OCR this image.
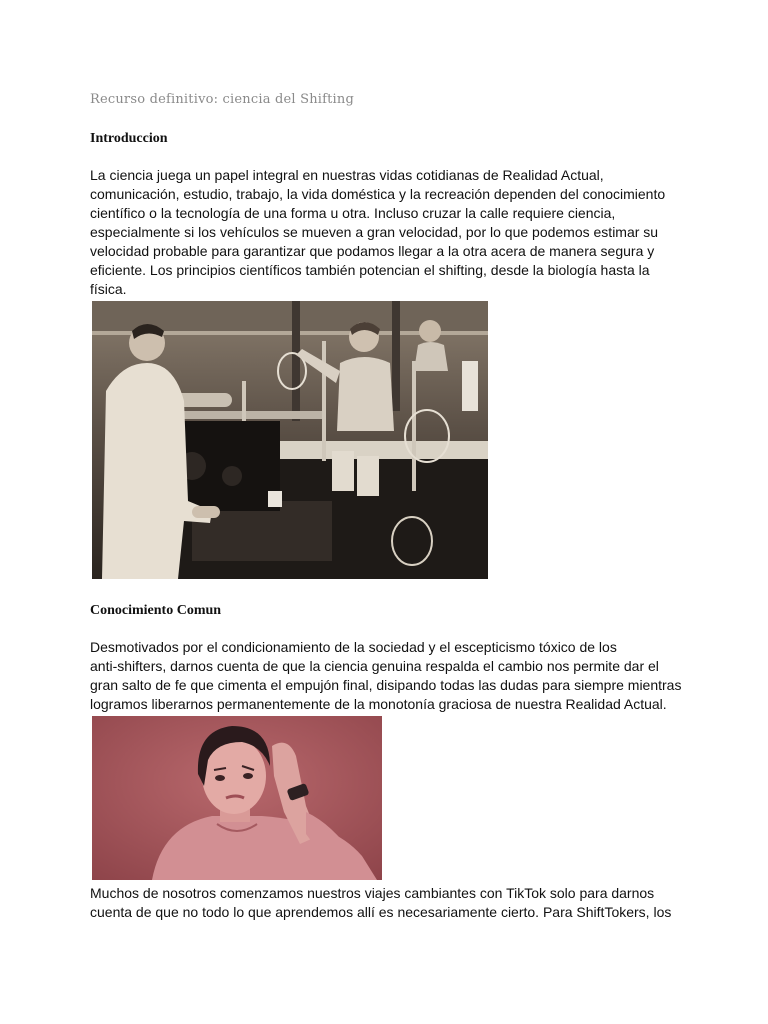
Recurso definitivo: ciencia del Shifting
Introduccion
La ciencia juega un papel integral en nuestras vidas cotidianas de Realidad Actual,
comunicación, estudio, trabajo, la vida doméstica y la recreación dependen del conocimiento
científico o la tecnología de una forma u otra. Incluso cruzar la calle requiere ciencia,
especialmente si los vehículos se mueven a gran velocidad, por lo que podemos estimar su
velocidad probable para garantizar que podamos llegar a la otra acera de manera segura y
eficiente. Los principios científicos también potencian el shifting, desde la biología hasta la
física.
Conocimiento Comun
Desmotivados por el condicionamiento de la sociedad y el escepticismo tóxico de los
anti-shifters, darnos cuenta de que la ciencia genuina respalda el cambio nos permite dar el
gran salto de fe que cimenta el empujón final, disipando todas las dudas para siempre mientras
logramos liberarnos permanentemente de la monotonía graciosa de nuestra Realidad Actual.
Muchos de nosotros comenzamos nuestros viajes cambiantes con TikTok solo para darnos
cuenta de que no todo lo que aprendemos allí es necesariamente cierto. Para ShiftTokers, los
